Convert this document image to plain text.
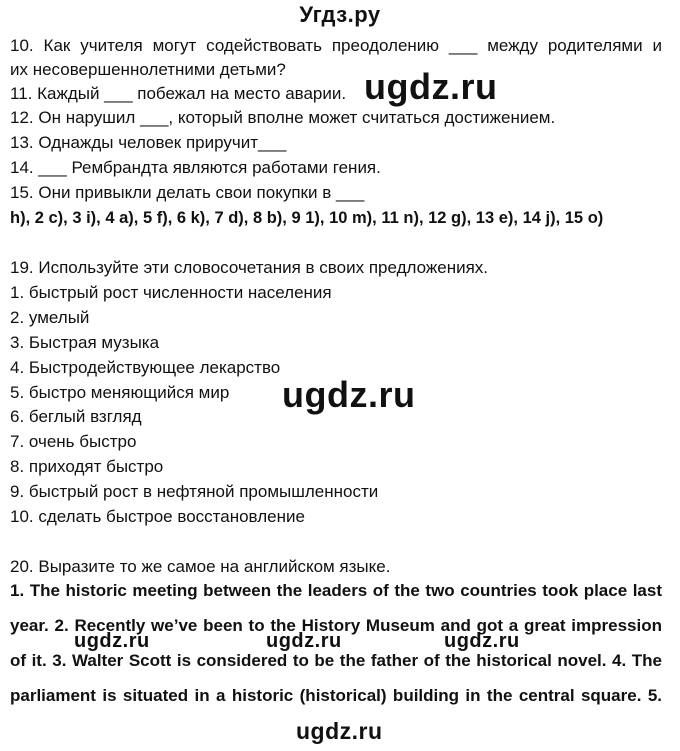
Угдз.ру
10. Как учителя могут содействовать преодолению ___ между родителями и
их несовершеннолетними детьми?
11. Каждый ___ побежал на место аварии.
12. Он нарушил ___, который вполне может считаться достижением.
13. Однажды человек приручит___
14. ___ Рембрандта являются работами гения.
15. Они привыкли делать свои покупки в ___
h), 2 c), 3 i), 4 a), 5 f), 6 k), 7 d), 8 b), 9 1), 10 m), 11 n), 12 g), 13 e), 14 j), 15 o)
19. Используйте эти словосочетания в своих предложениях.
1. быстрый рост численности населения
2. умелый
3. Быстрая музыка
4. Быстродействующее лекарство
5. быстро меняющийся мир
6. беглый взгляд
7. очень быстро
8. приходят быстро
9. быстрый рост в нефтяной промышленности
10. сделать быстрое восстановление
20. Выразите то же самое на английском языке.
1. The historic meeting between the leaders of the two countries took place last
year. 2. Recently we’ve been to the History Museum and got a great impression
of it. 3. Walter Scott is considered to be the father of the historical novel. 4. The
parliament is situated in a historic (historical) building in the central square. 5.
ugdz.ru
ugdz.ru
ugdz.ru	ugdz.ru	ugdz.ru
ugdz.ru
